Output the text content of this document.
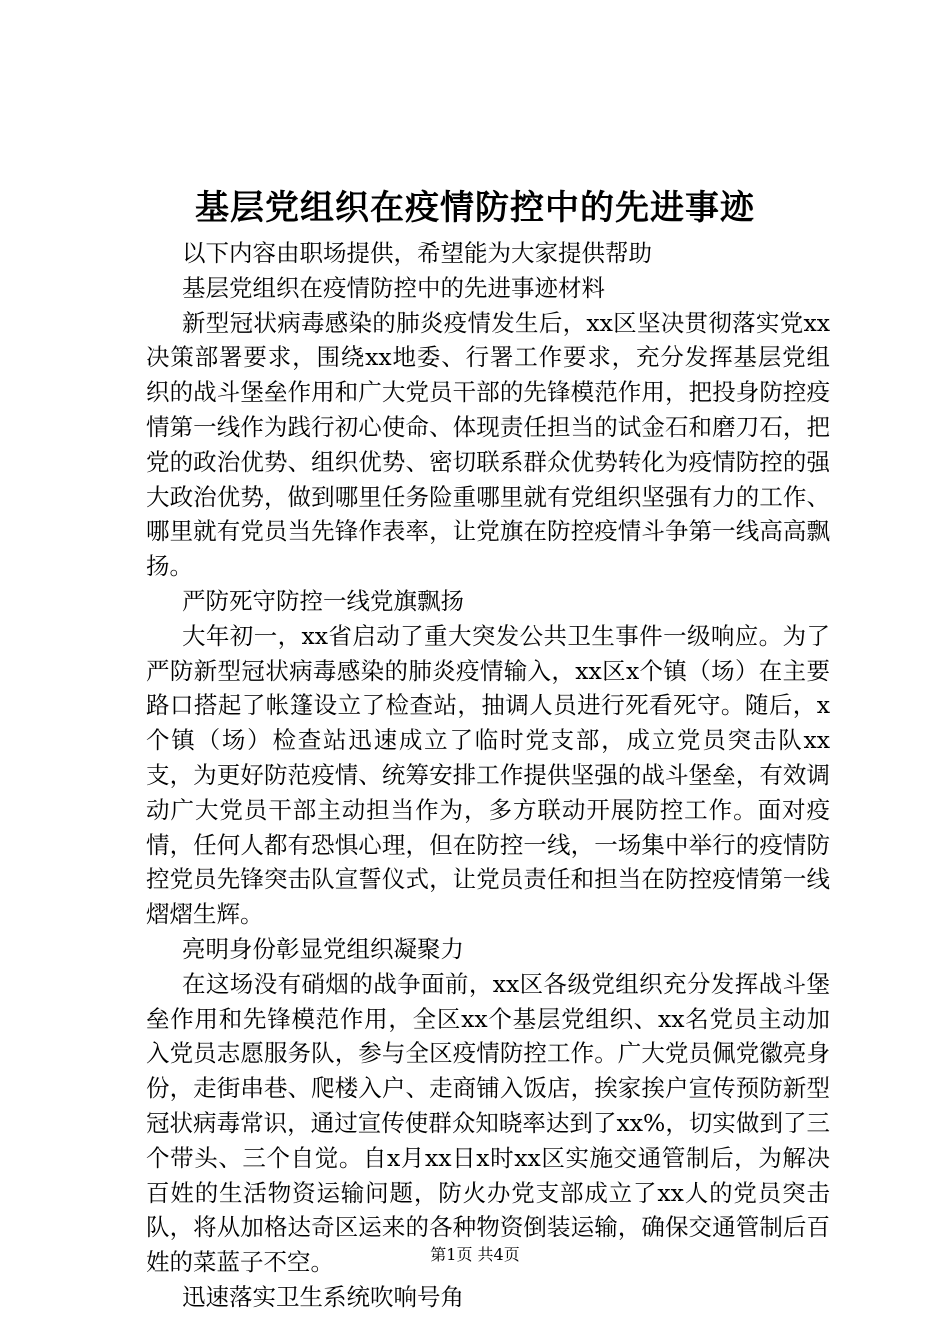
基层党组织在疫情防控中的先进事迹

以下内容由职场提供，希望能为大家提供帮助

基层党组织在疫情防控中的先进事迹材料

新型冠状病毒感染的肺炎疫情发生后，xx区坚决贯彻落实党xx决策部署要求，围绕xx地委、行署工作要求，充分发挥基层党组织的战斗堡垒作用和广大党员干部的先锋模范作用，把投身防控疫情第一线作为践行初心使命、体现责任担当的试金石和磨刀石，把党的政治优势、组织优势、密切联系群众优势转化为疫情防控的强大政治优势，做到哪里任务险重哪里就有党组织坚强有力的工作、哪里就有党员当先锋作表率，让党旗在防控疫情斗争第一线高高飘扬。

严防死守防控一线党旗飘扬

大年初一，xx省启动了重大突发公共卫生事件一级响应。为了严防新型冠状病毒感染的肺炎疫情输入，xx区x个镇（场）在主要路口搭起了帐篷设立了检查站，抽调人员进行死看死守。随后，x个镇（场）检查站迅速成立了临时党支部，成立党员突击队xx支，为更好防范疫情、统筹安排工作提供坚强的战斗堡垒，有效调动广大党员干部主动担当作为，多方联动开展防控工作。面对疫情，任何人都有恐惧心理，但在防控一线，一场集中举行的疫情防控党员先锋突击队宣誓仪式，让党员责任和担当在防控疫情第一线熠熠生辉。

亮明身份彰显党组织凝聚力

在这场没有硝烟的战争面前，xx区各级党组织充分发挥战斗堡垒作用和先锋模范作用，全区xx个基层党组织、xx名党员主动加入党员志愿服务队，参与全区疫情防控工作。广大党员佩党徽亮身份，走街串巷、爬楼入户、走商铺入饭店，挨家挨户宣传预防新型冠状病毒常识，通过宣传使群众知晓率达到了xx%，切实做到了三个带头、三个自觉。自x月xx日x时xx区实施交通管制后，为解决百姓的生活物资运输问题，防火办党支部成立了xx人的党员突击队，将从加格达奇区运来的各种物资倒装运输，确保交通管制后百姓的菜蓝子不空。

迅速落实卫生系统吹响号角

第1页 共4页
